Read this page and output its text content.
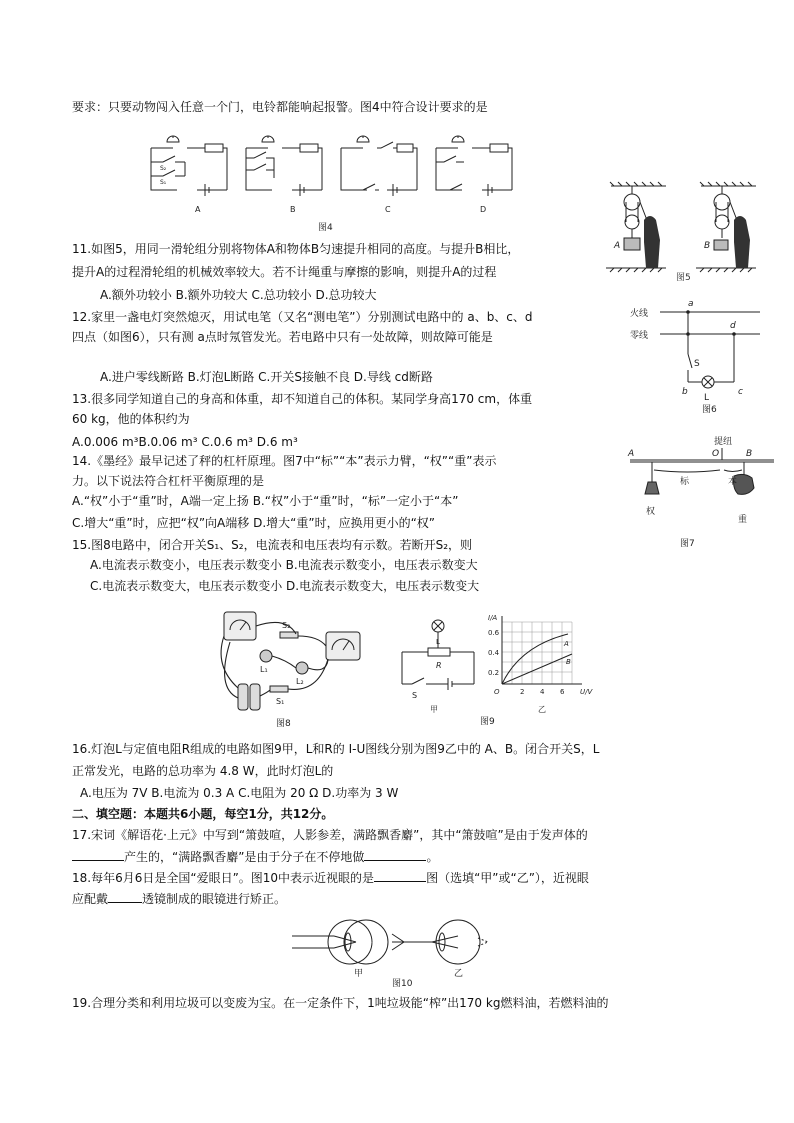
要求：只要动物闯入任意一个门，电铃都能响起报警。图4中符合设计要求的是
A	B	C	D
S₁
S₂
图4
A	B
图5
11.如图5，用同一滑轮组分别将物体A和物体B匀速提升相同的高度。与提升B相比，
提升A的过程滑轮组的机械效率较大。若不计绳重与摩擦的影响，则提升A的过程
A.额外功较小 B.额外功较大 C.总功较小 D.总功较大
火线
零线
S
L
图6
a
b	c
d
12.家里一盏电灯突然熄灭，用试电笔（又名“测电笔”）分别测试电路中的 a、b、c、d
四点（如图6），只有测 a点时氖管发光。若电路中只有一处故障，则故障可能是
A.进户零线断路 B.灯泡L断路 C.开关S接触不良 D.导线 cd断路
13.很多同学知道自己的身高和体重，却不知道自己的体积。某同学身高170 cm，体重
60 kg，他的体积约为
A.0.006 m³B.0.06 m³ C.0.6 m³ D.6 m³	提纽
标	本
权
重
图7
A	O	B
14.《墨经》最早记述了秤的杠杆原理。图7中“标”“本”表示力臂，“权”“重”表示
力。以下说法符合杠杆平衡原理的是
A.“权”小于“重”时，A端一定上扬 B.“权”小于“重”时，“标”一定小于“本”
C.增大“重”时，应把“权”向A端移 D.增大“重”时，应换用更小的“权”
15.图8电路中，闭合开关S₁、S₂，电流表和电压表均有示数。若断开S₂，则
A.电流表示数变小，电压表示数变小 B.电流表示数变小，电压表示数变大
C.电流表示数变大，电压表示数变小 D.电流表示数变大，电压表示数变大
L₁
L₂
S₁
S₂
图8
L
R
S
甲
图9
I/A
U/V
O
0.2
0.4
0.6
2 4 6
A
B
乙
16.灯泡L与定值电阻R组成的电路如图9甲，L和R的 I-U图线分别为图9乙中的 A、B。闭合开关S，L
正常发光，电路的总功率为 4.8 W，此时灯泡L的
A.电压为 7V B.电流为 0.3 A C.电阻为 20 Ω D.功率为 3 W
二、填空题：本题共6小题，每空1分，共12分。
17.宋词《解语花·上元》中写到“箫鼓喧，人影参差，满路飘香麝”，其中“箫鼓喧”是由于发声体的
产生的，“满路飘香麝”是由于分子在不停地做	。
18.每年6月6日是全国“爱眼日”。图10中表示近视眼的是	图（选填“甲”或“乙”），近视眼
应配戴	透镜制成的眼镜进行矫正。
甲	乙
图10
19.合理分类和利用垃圾可以变废为宝。在一定条件下，1吨垃圾能“榨”出170 kg燃料油，若燃料油的
